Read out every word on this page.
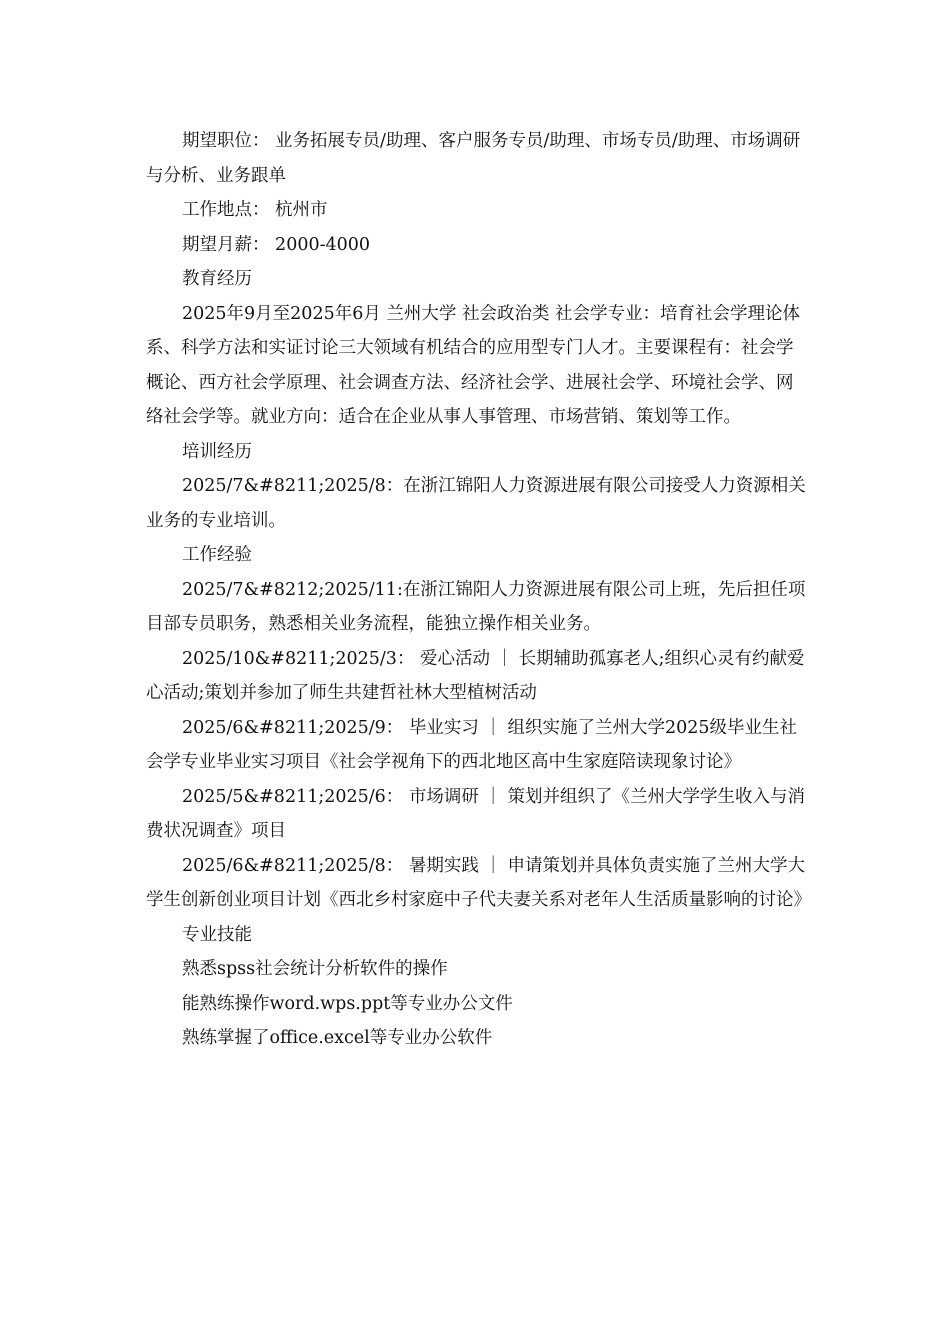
期望职位： 业务拓展专员/助理、客户服务专员/助理、市场专员/助理、市场调研与分析、业务跟单

工作地点： 杭州市

期望月薪： 2000-4000

教育经历

2025年9月至2025年6月 兰州大学 社会政治类 社会学专业：培育社会学理论体系、科学方法和实证讨论三大领域有机结合的应用型专门人才。主要课程有：社会学概论、西方社会学原理、社会调查方法、经济社会学、进展社会学、环境社会学、网络社会学等。就业方向：适合在企业从事人事管理、市场营销、策划等工作。

培训经历

2025/7&#8211;2025/8：在浙江锦阳人力资源进展有限公司接受人力资源相关业务的专业培训。

工作经验

2025/7&#8212;2025/11:在浙江锦阳人力资源进展有限公司上班，先后担任项目部专员职务，熟悉相关业务流程，能独立操作相关业务。

2025/10&#8211;2025/3： 爱心活动 ｜ 长期辅助孤寡老人;组织心灵有约献爱心活动;策划并参加了师生共建哲社林大型植树活动

2025/6&#8211;2025/9： 毕业实习 ｜ 组织实施了兰州大学2025级毕业生社会学专业毕业实习项目《社会学视角下的西北地区高中生家庭陪读现象讨论》

2025/5&#8211;2025/6： 市场调研 ｜ 策划并组织了《兰州大学学生收入与消费状况调查》项目

2025/6&#8211;2025/8： 暑期实践 ｜ 申请策划并具体负责实施了兰州大学大学生创新创业项目计划《西北乡村家庭中子代夫妻关系对老年人生活质量影响的讨论》

专业技能

熟悉spss社会统计分析软件的操作

能熟练操作word.wps.ppt等专业办公文件

熟练掌握了office.excel等专业办公软件
